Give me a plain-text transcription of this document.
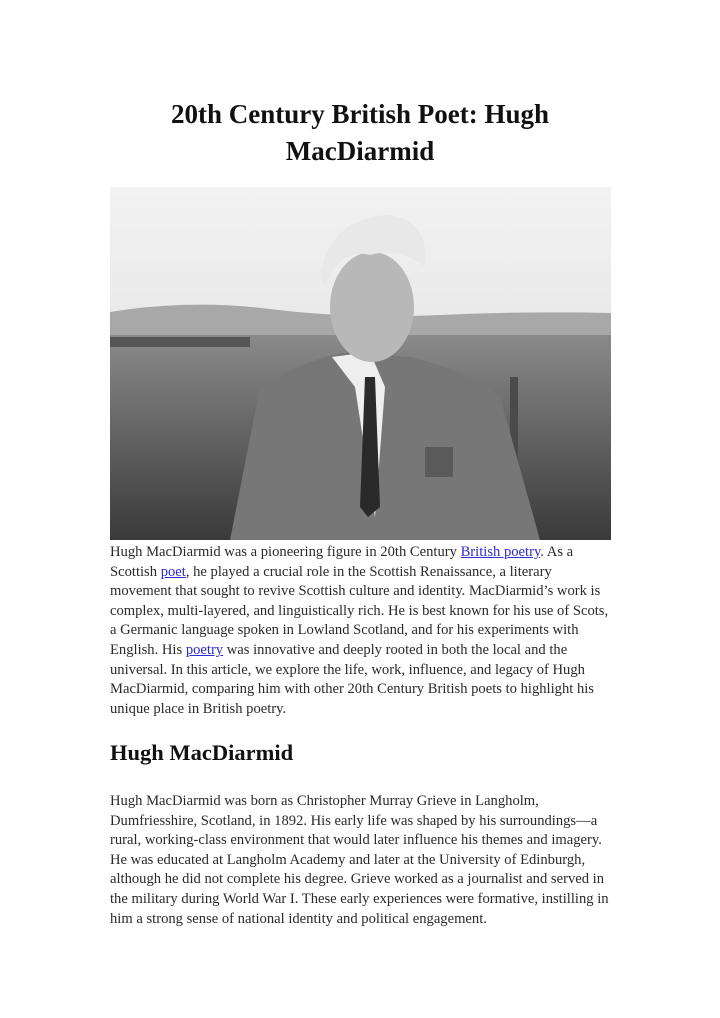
20th Century British Poet: Hugh
MacDiarmid
Hugh MacDiarmid was a pioneering figure in 20th Century British poetry. As a
Scottish poet, he played a crucial role in the Scottish Renaissance, a literary
movement that sought to revive Scottish culture and identity. MacDiarmid’s work is
complex, multi-layered, and linguistically rich. He is best known for his use of Scots,
a Germanic language spoken in Lowland Scotland, and for his experiments with
English. His poetry was innovative and deeply rooted in both the local and the
universal. In this article, we explore the life, work, influence, and legacy of Hugh
MacDiarmid, comparing him with other 20th Century British poets to highlight his
unique place in British poetry.
Hugh MacDiarmid
Hugh MacDiarmid was born as Christopher Murray Grieve in Langholm,
Dumfriesshire, Scotland, in 1892. His early life was shaped by his surroundings—a
rural, working-class environment that would later influence his themes and imagery.
He was educated at Langholm Academy and later at the University of Edinburgh,
although he did not complete his degree. Grieve worked as a journalist and served in
the military during World War I. These early experiences were formative, instilling in
him a strong sense of national identity and political engagement.
